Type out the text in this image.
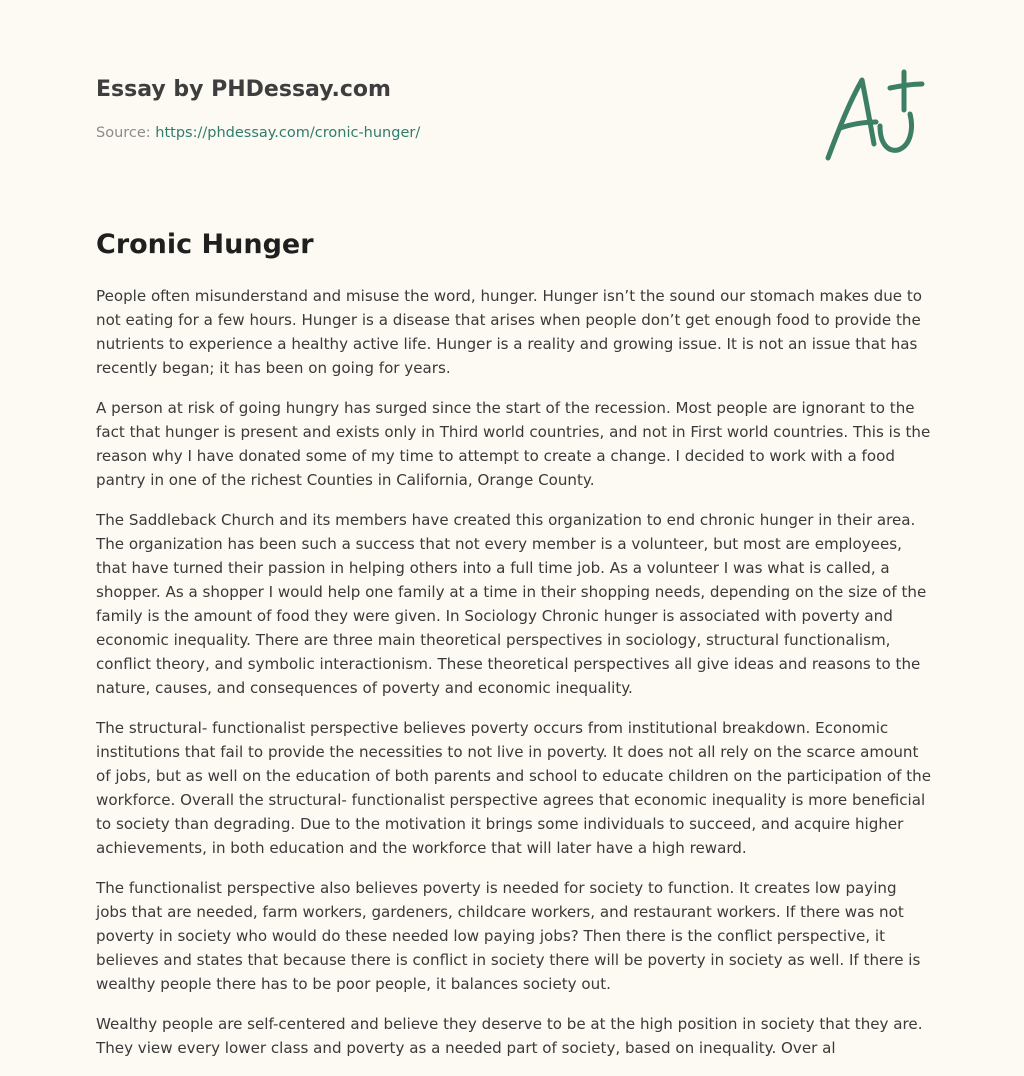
Essay by PHDessay.com
Source: https://phdessay.com/cronic-hunger/
Cronic Hunger

People often misunderstand and misuse the word, hunger. Hunger isn’t the sound our stomach makes due to not eating for a few hours. Hunger is a disease that arises when people don’t get enough food to provide the nutrients to experience a healthy active life. Hunger is a reality and growing issue. It is not an issue that has recently began; it has been on going for years.

A person at risk of going hungry has surged since the start of the recession. Most people are ignorant to the fact that hunger is present and exists only in Third world countries, and not in First world countries. This is the reason why I have donated some of my time to attempt to create a change. I decided to work with a food pantry in one of the richest Counties in California, Orange County.

The Saddleback Church and its members have created this organization to end chronic hunger in their area. The organization has been such a success that not every member is a volunteer, but most are employees, that have turned their passion in helping others into a full time job. As a volunteer I was what is called, a shopper. As a shopper I would help one family at a time in their shopping needs, depending on the size of the family is the amount of food they were given. In Sociology Chronic hunger is associated with poverty and economic inequality. There are three main theoretical perspectives in sociology, structural functionalism, conflict theory, and symbolic interactionism. These theoretical perspectives all give ideas and reasons to the nature, causes, and consequences of poverty and economic inequality.

The structural- functionalist perspective believes poverty occurs from institutional breakdown. Economic institutions that fail to provide the necessities to not live in poverty. It does not all rely on the scarce amount of jobs, but as well on the education of both parents and school to educate children on the participation of the workforce. Overall the structural- functionalist perspective agrees that economic inequality is more beneficial to society than degrading. Due to the motivation it brings some individuals to succeed, and acquire higher achievements, in both education and the workforce that will later have a high reward.

The functionalist perspective also believes poverty is needed for society to function. It creates low paying jobs that are needed, farm workers, gardeners, childcare workers, and restaurant workers. If there was not poverty in society who would do these needed low paying jobs? Then there is the conflict perspective, it believes and states that because there is conflict in society there will be poverty in society as well. If there is wealthy people there has to be poor people, it balances society out.

Wealthy people are self-centered and believe they deserve to be at the high position in society that they are. They view every lower class and poverty as a needed part of society, based on inequality. Over al
